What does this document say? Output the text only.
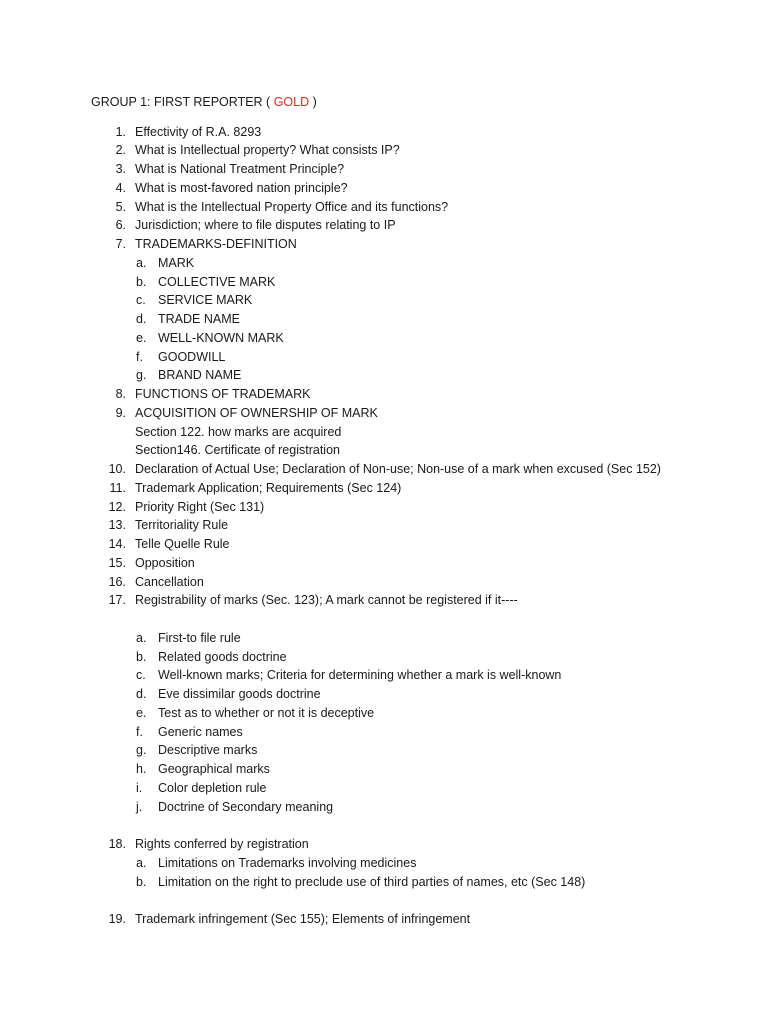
GROUP 1: FIRST REPORTER ( GOLD )
1. Effectivity of R.A. 8293
2. What is Intellectual property? What consists IP?
3. What is National Treatment Principle?
4. What is most-favored nation principle?
5. What is the Intellectual Property Office and its functions?
6. Jurisdiction; where to file disputes relating to IP
7. TRADEMARKS-DEFINITION
a. MARK
b. COLLECTIVE MARK
c. SERVICE MARK
d. TRADE NAME
e. WELL-KNOWN MARK
f.	GOODWILL
g. BRAND NAME
8. FUNCTIONS OF TRADEMARK
9. ACQUISITION OF OWNERSHIP OF MARK
Section 122. how marks are acquired
Section146. Certificate of registration
10. Declaration of Actual Use; Declaration of Non-use; Non-use of a mark when excused (Sec 152)
11. Trademark Application; Requirements (Sec 124)
12. Priority Right (Sec 131)
13. Territoriality Rule
14. Telle Quelle Rule
15. Opposition
16. Cancellation
17. Registrability of marks (Sec. 123); A mark cannot be registered if it----
a. First-to file rule
b. Related goods doctrine
c. Well-known marks; Criteria for determining whether a mark is well-known
d. Eve dissimilar goods doctrine
e. Test as to whether or not it is deceptive
f.	Generic names
g. Descriptive marks
h. Geographical marks
i.	Color depletion rule
j.	Doctrine of Secondary meaning
18. Rights conferred by registration
a. Limitations on Trademarks involving medicines
b. Limitation on the right to preclude use of third parties of names, etc (Sec 148)
19. Trademark infringement (Sec 155); Elements of infringement
